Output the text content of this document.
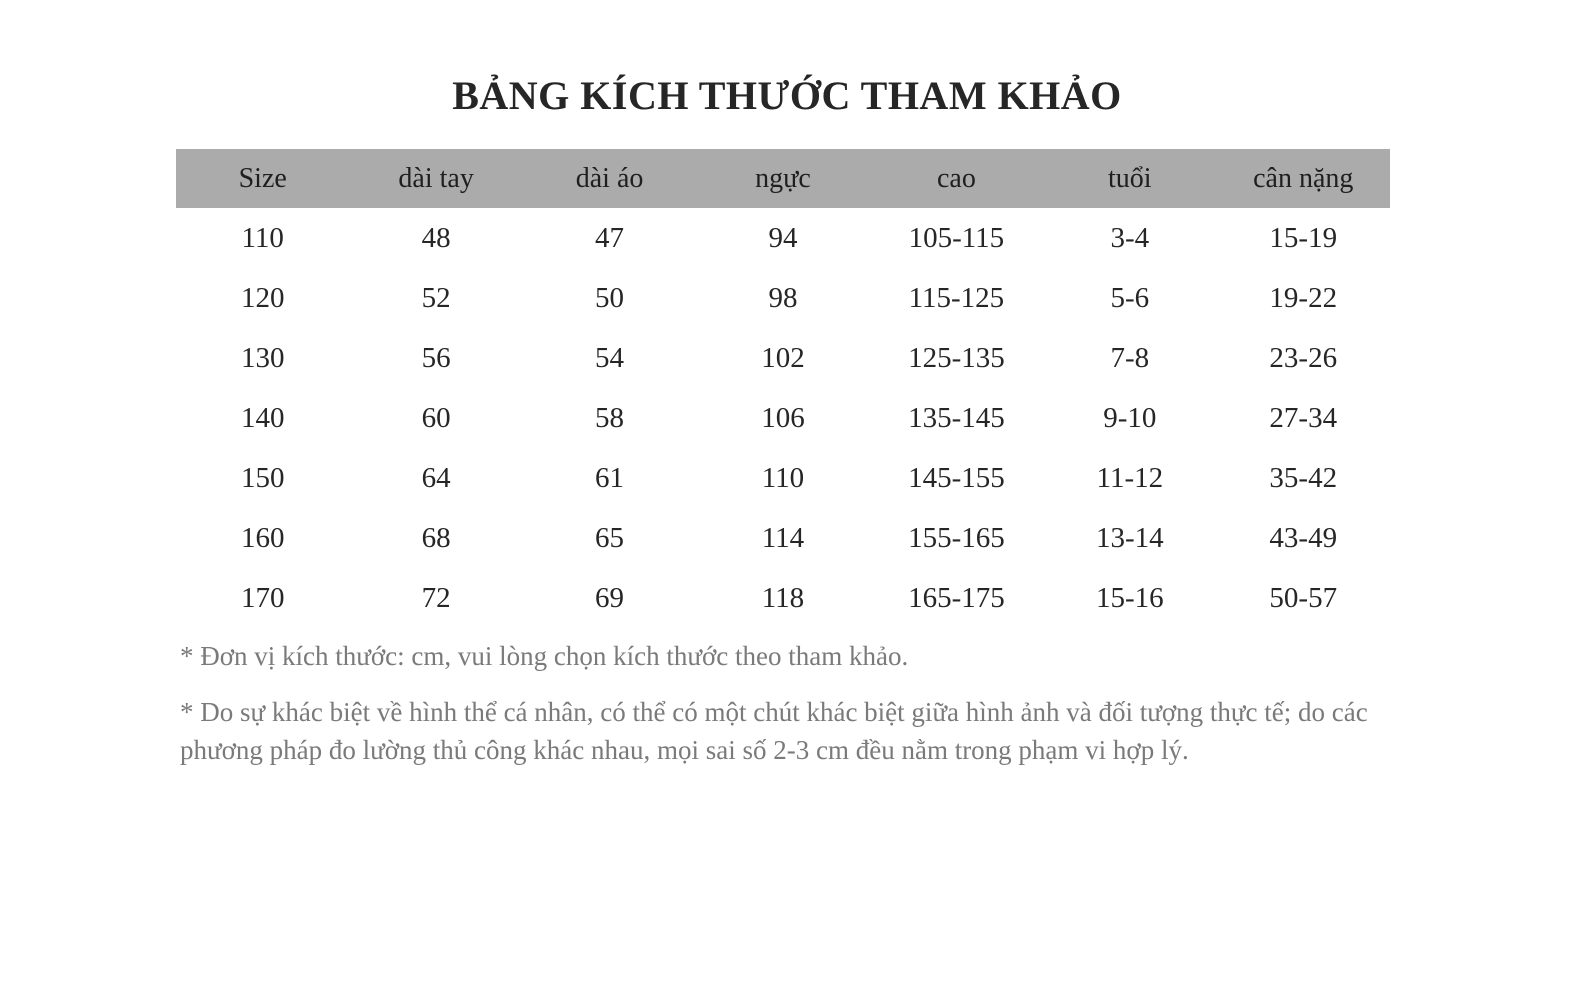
BẢNG KÍCH THƯỚC THAM KHẢO
Size	dài tay	dài áo	ngực	cao	tuổi	cân nặng
110	48	47	94	105-115	3-4	15-19
120	52	50	98	115-125	5-6	19-22
130	56	54	102	125-135	7-8	23-26
140	60	58	106	135-145	9-10	27-34
150	64	61	110	145-155	11-12	35-42
160	68	65	114	155-165	13-14	43-49
170	72	69	118	165-175	15-16	50-57
* Đơn vị kích thước: cm, vui lòng chọn kích thước theo tham khảo.
* Do sự khác biệt về hình thể cá nhân, có thể có một chút khác biệt giữa hình ảnh và đối tượng thực tế; do các phương pháp đo lường thủ công khác nhau, mọi sai số 2-3 cm đều nằm trong phạm vi hợp lý.
